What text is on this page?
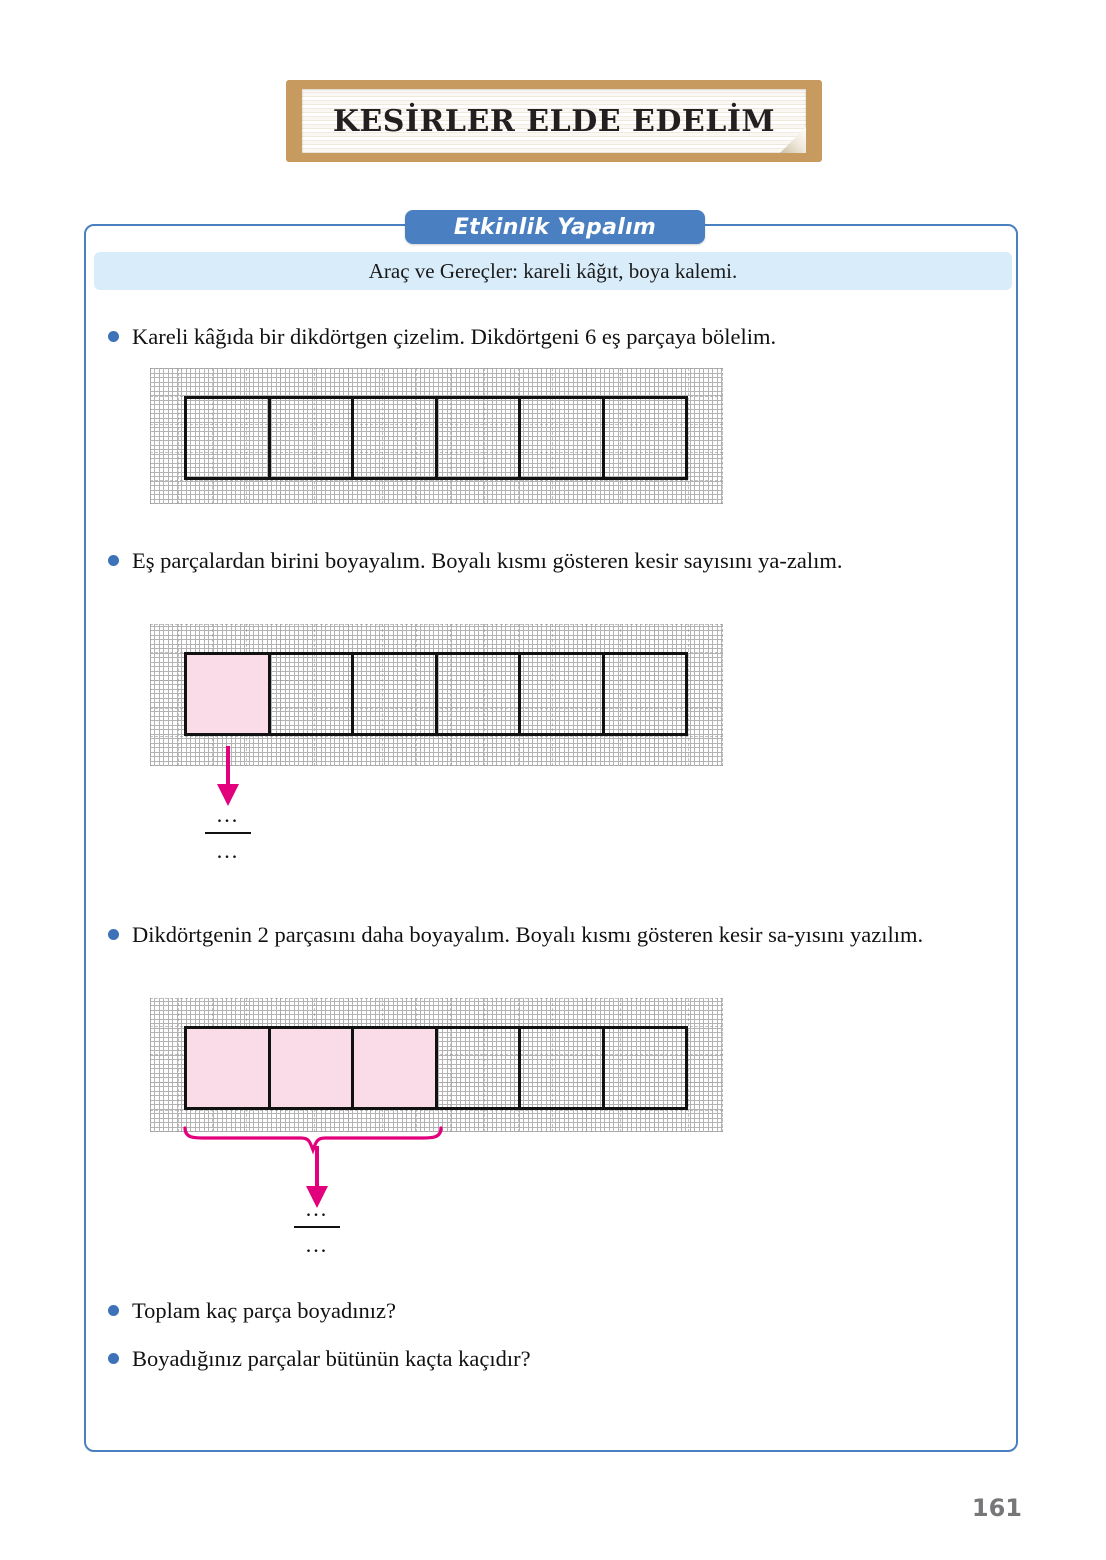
KESİRLER ELDE EDELİM
Araç ve Gereçler: kareli kâğıt, boya kalemi.
Kareli kâğıda bir dikdörtgen çizelim. Dikdörtgeni 6 eş parçaya bölelim.
Eş parçalardan birini boyayalım. Boyalı kısmı gösteren kesir sayısını ya-zalım.
...
...
Dikdörtgenin 2 parçasını daha boyayalım. Boyalı kısmı gösteren kesir sa-yısını yazılım.
...
...
Toplam kaç parça boyadınız?
Boyadığınız parçalar bütünün kaçta kaçıdır?
Etkinlik Yapalım
161
